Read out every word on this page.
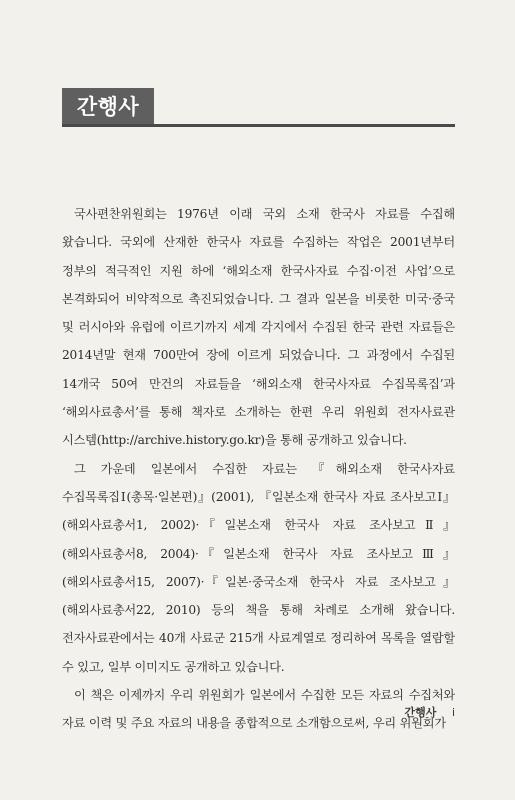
간행사

국사편찬위원회는 1976년 이래 국외 소재 한국사 자료를 수집해 왔습니다. 국외에 산재한 한국사 자료를 수집하는 작업은 2001년부터 정부의 적극적인 지원 하에 ‘해외소재 한국사자료 수집·이전 사업’으로 본격화되어 비약적으로 촉진되었습니다. 그 결과 일본을 비롯한 미국·중국 및 러시아와 유럽에 이르기까지 세계 각지에서 수집된 한국 관련 자료들은 2014년말 현재 700만여 장에 이르게 되었습니다. 그 과정에서 수집된 14개국 50여 만건의 자료들을 ‘해외소재 한국사자료 수집목록집’과 ‘해외사료총서’를 통해 책자로 소개하는 한편 우리 위원회 전자사료관 시스템(http://archive.history.go.kr)을 통해 공개하고 있습니다.

그 가운데 일본에서 수집한 자료는 『해외소재 한국사자료 수집목록집Ⅰ(총목·일본편)』(2001), 『일본소재 한국사 자료 조사보고Ⅰ』(해외사료총서1, 2002)·『일본소재 한국사 자료 조사보고Ⅱ』(해외사료총서8, 2004)·『일본소재 한국사 자료 조사보고Ⅲ』(해외사료총서15, 2007)·『일본·중국소재 한국사 자료 조사보고』(해외사료총서22, 2010) 등의 책을 통해 차례로 소개해 왔습니다. 전자사료관에서는 40개 사료군 215개 사료계열로 정리하여 목록을 열람할 수 있고, 일부 이미지도 공개하고 있습니다.

이 책은 이제까지 우리 위원회가 일본에서 수집한 모든 자료의 수집처와 자료 이력 및 주요 자료의 내용을 종합적으로 소개함으로써, 우리 위원회가

간행사 i
